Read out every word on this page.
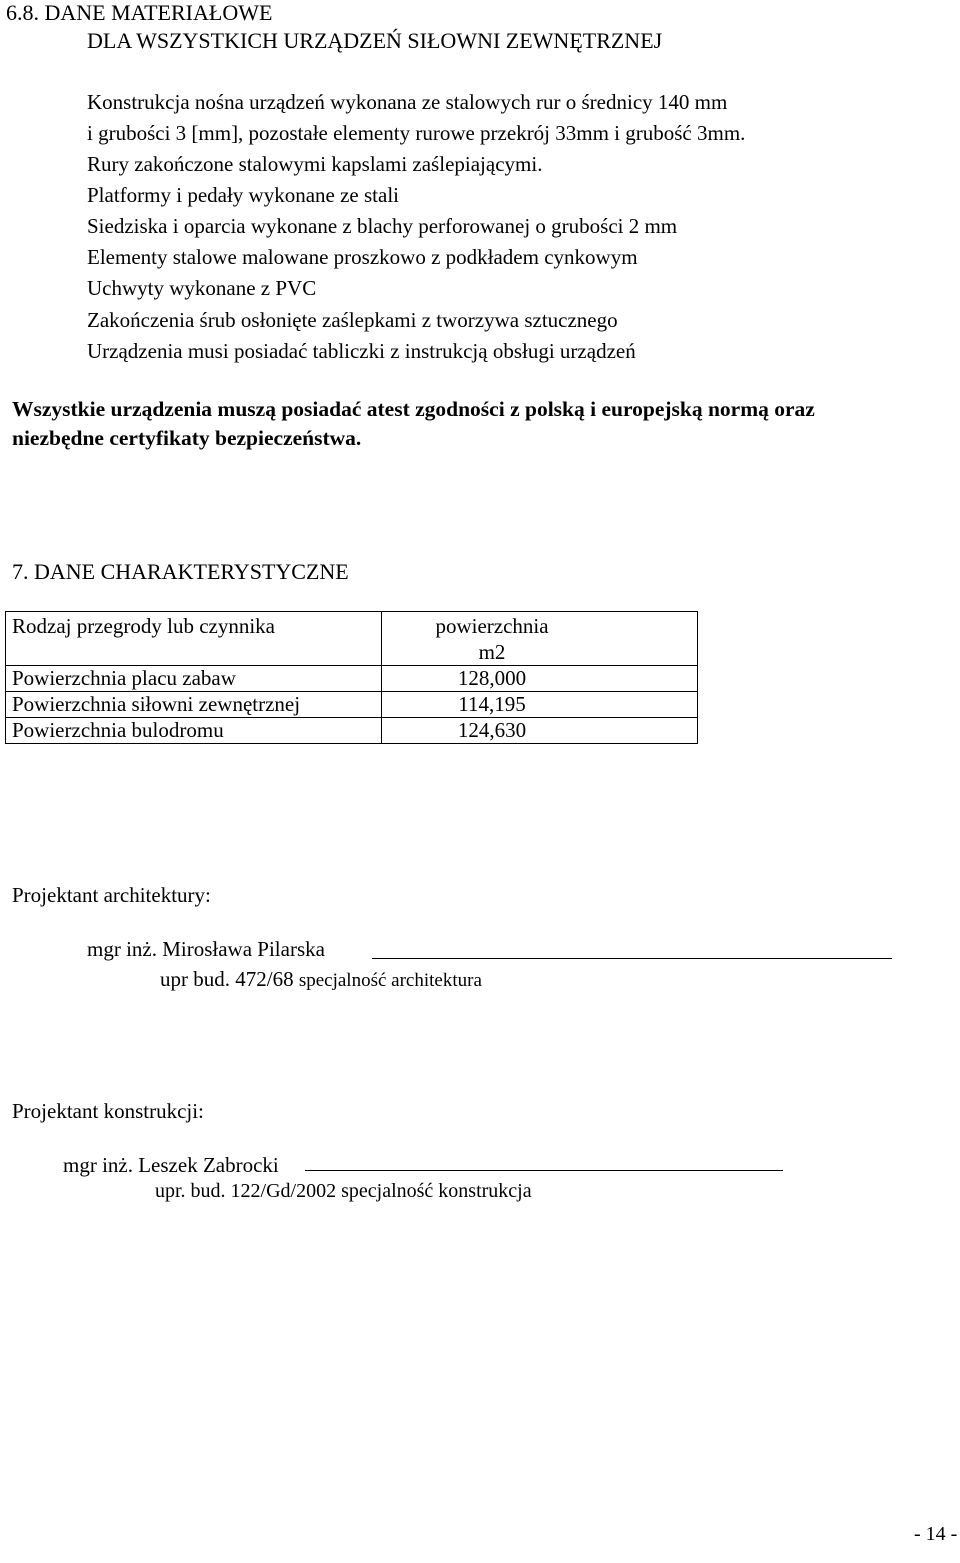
6.8. DANE MATERIAŁOWE
DLA WSZYSTKICH URZĄDZEŃ SIŁOWNI ZEWNĘTRZNEJ
Konstrukcja nośna urządzeń wykonana ze stalowych rur o średnicy 140 mm
i grubości 3 [mm], pozostałe elementy rurowe przekrój 33mm i grubość 3mm.
Rury zakończone stalowymi kapslami zaślepiającymi.
Platformy i pedały wykonane ze stali
Siedziska i oparcia wykonane z blachy perforowanej o grubości 2 mm
Elementy stalowe malowane proszkowo z podkładem cynkowym
Uchwyty wykonane z PVC
Zakończenia śrub osłonięte zaślepkami z tworzywa sztucznego
Urządzenia musi posiadać tabliczki z instrukcją obsługi urządzeń
Wszystkie urządzenia muszą posiadać atest zgodności z polską i europejską normą oraz
niezbędne certyfikaty bezpieczeństwa.
7. DANE CHARAKTERYSTYCZNE
Rodzaj przegrody lub czynnika	powierzchnia
m2
Powierzchnia placu zabaw	128,000
Powierzchnia siłowni zewnętrznej	114,195
Powierzchnia bulodromu	124,630
Projektant architektury:
mgr inż. Mirosława Pilarska
upr bud. 472/68 specjalność architektura
Projektant konstrukcji:
mgr inż. Leszek Zabrocki
upr. bud. 122/Gd/2002 specjalność konstrukcja
- 14 -
